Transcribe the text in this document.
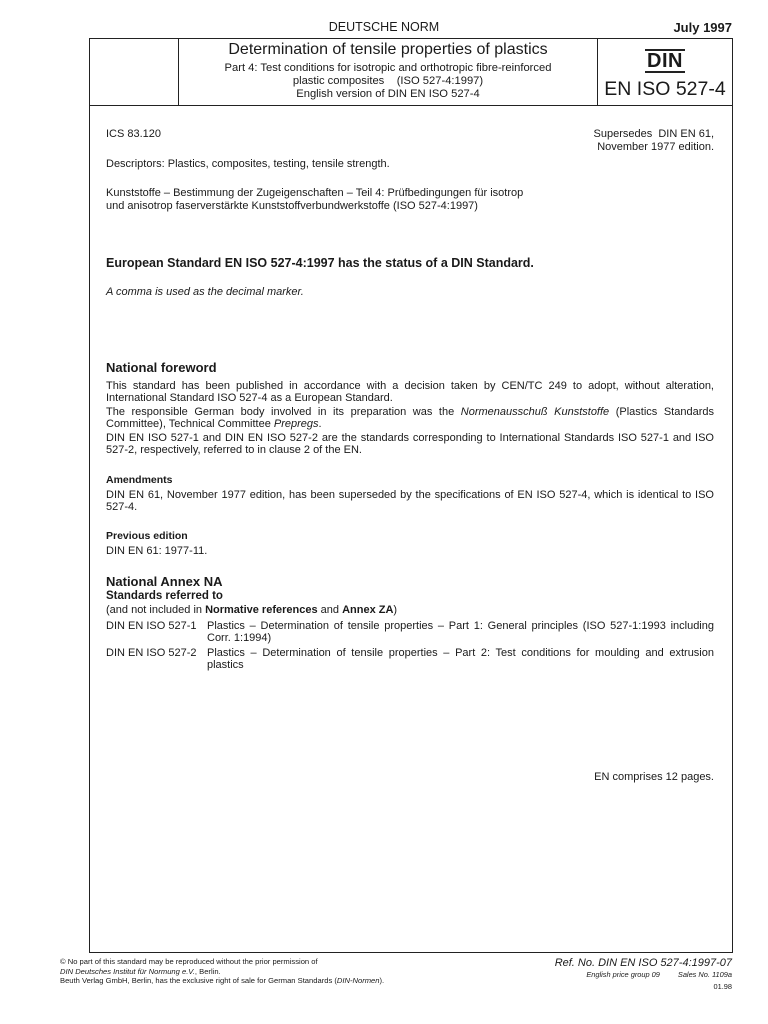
DEUTSCHE NORM	July 1997
Determination of tensile properties of plastics
Part 4: Test conditions for isotropic and orthotropic fibre-reinforced
plastic composites    (ISO 527-4:1997)
English version of DIN EN ISO 527-4
DIN
EN ISO 527-4
ICS 83.120	Supersedes  DIN EN 61,
November 1977 edition.
Descriptors: Plastics, composites, testing, tensile strength.
Kunststoffe – Bestimmung der Zugeigenschaften – Teil 4: Prüfbedingungen für isotrop
und anisotrop faserverstärkte Kunststoffverbundwerkstoffe (ISO 527-4:1997)
European Standard EN ISO 527-4:1997 has the status of a DIN Standard.
A comma is used as the decimal marker.
National foreword
This standard has been published in accordance with a decision taken by CEN/TC 249 to adopt, without alteration, International Standard ISO 527-4 as a European Standard.
The responsible German body involved in its preparation was the Normenausschuß Kunststoffe (Plastics Standards Committee), Technical Committee Prepregs.
DIN EN ISO 527-1 and DIN EN ISO 527-2 are the standards corresponding to International Standards ISO 527-1 and ISO 527-2, respectively, referred to in clause 2 of the EN.
Amendments
DIN EN 61, November 1977 edition, has been superseded by the specifications of EN ISO 527-4, which is identical to ISO 527-4.
Previous edition
DIN EN 61: 1977-11.
National Annex NA
Standards referred to
(and not included in Normative references and Annex ZA)
DIN EN ISO 527-1 Plastics – Determination of tensile properties – Part 1: General principles (ISO 527-1:1993 including Corr. 1:1994)
DIN EN ISO 527-2 Plastics – Determination of tensile properties – Part 2: Test conditions for moulding and extrusion plastics
EN comprises 12 pages.
© No part of this standard may be reproduced without the prior permission of
DIN Deutsches Institut für Normung e.V., Berlin.
Beuth Verlag GmbH, Berlin, has the exclusive right of sale for German Standards (DIN-Normen).
Ref. No. DIN EN ISO 527-4:1997-07
English price group 09 Sales No. 1109a
01.98
